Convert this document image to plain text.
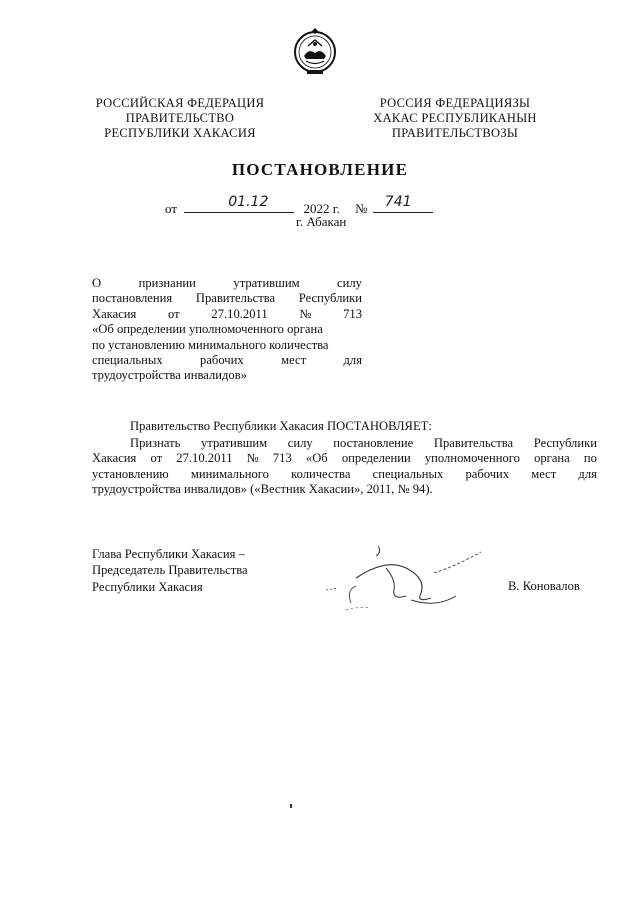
РОССИЙСКАЯ ФЕДЕРАЦИЯ
ПРАВИТЕЛЬСТВО
РЕСПУБЛИКИ ХАКАСИЯ
РОССИЯ ФЕДЕРАЦИЯЗЫ
ХАКАС РЕСПУБЛИКАНЫН
ПРАВИТЕЛЬСТВОЗЫ
ПОСТАНОВЛЕНИЕ
от	01.12	2022 г. № 741
г. Абакан
О	признании	утратившим	силу
постановления Правительства Республики
Хакасия	от	27.10.2011	№	713
«Об определении уполномоченного органа
по установлению минимального количества
специальных	рабочих	мест	для
трудоустройства инвалидов»
Правительство Республики Хакасия ПОСТАНОВЛЯЕТ:
Признать утратившим силу постановление Правительства Республики
Хакасия от 27.10.2011 № 713 «Об определении уполномоченного органа по
установлению минимального количества специальных рабочих мест для
трудоустройства инвалидов» («Вестник Хакасии», 2011, № 94).
Глава Республики Хакасия –
Председатель Правительства
Республики Хакасия	В. Коновалов
